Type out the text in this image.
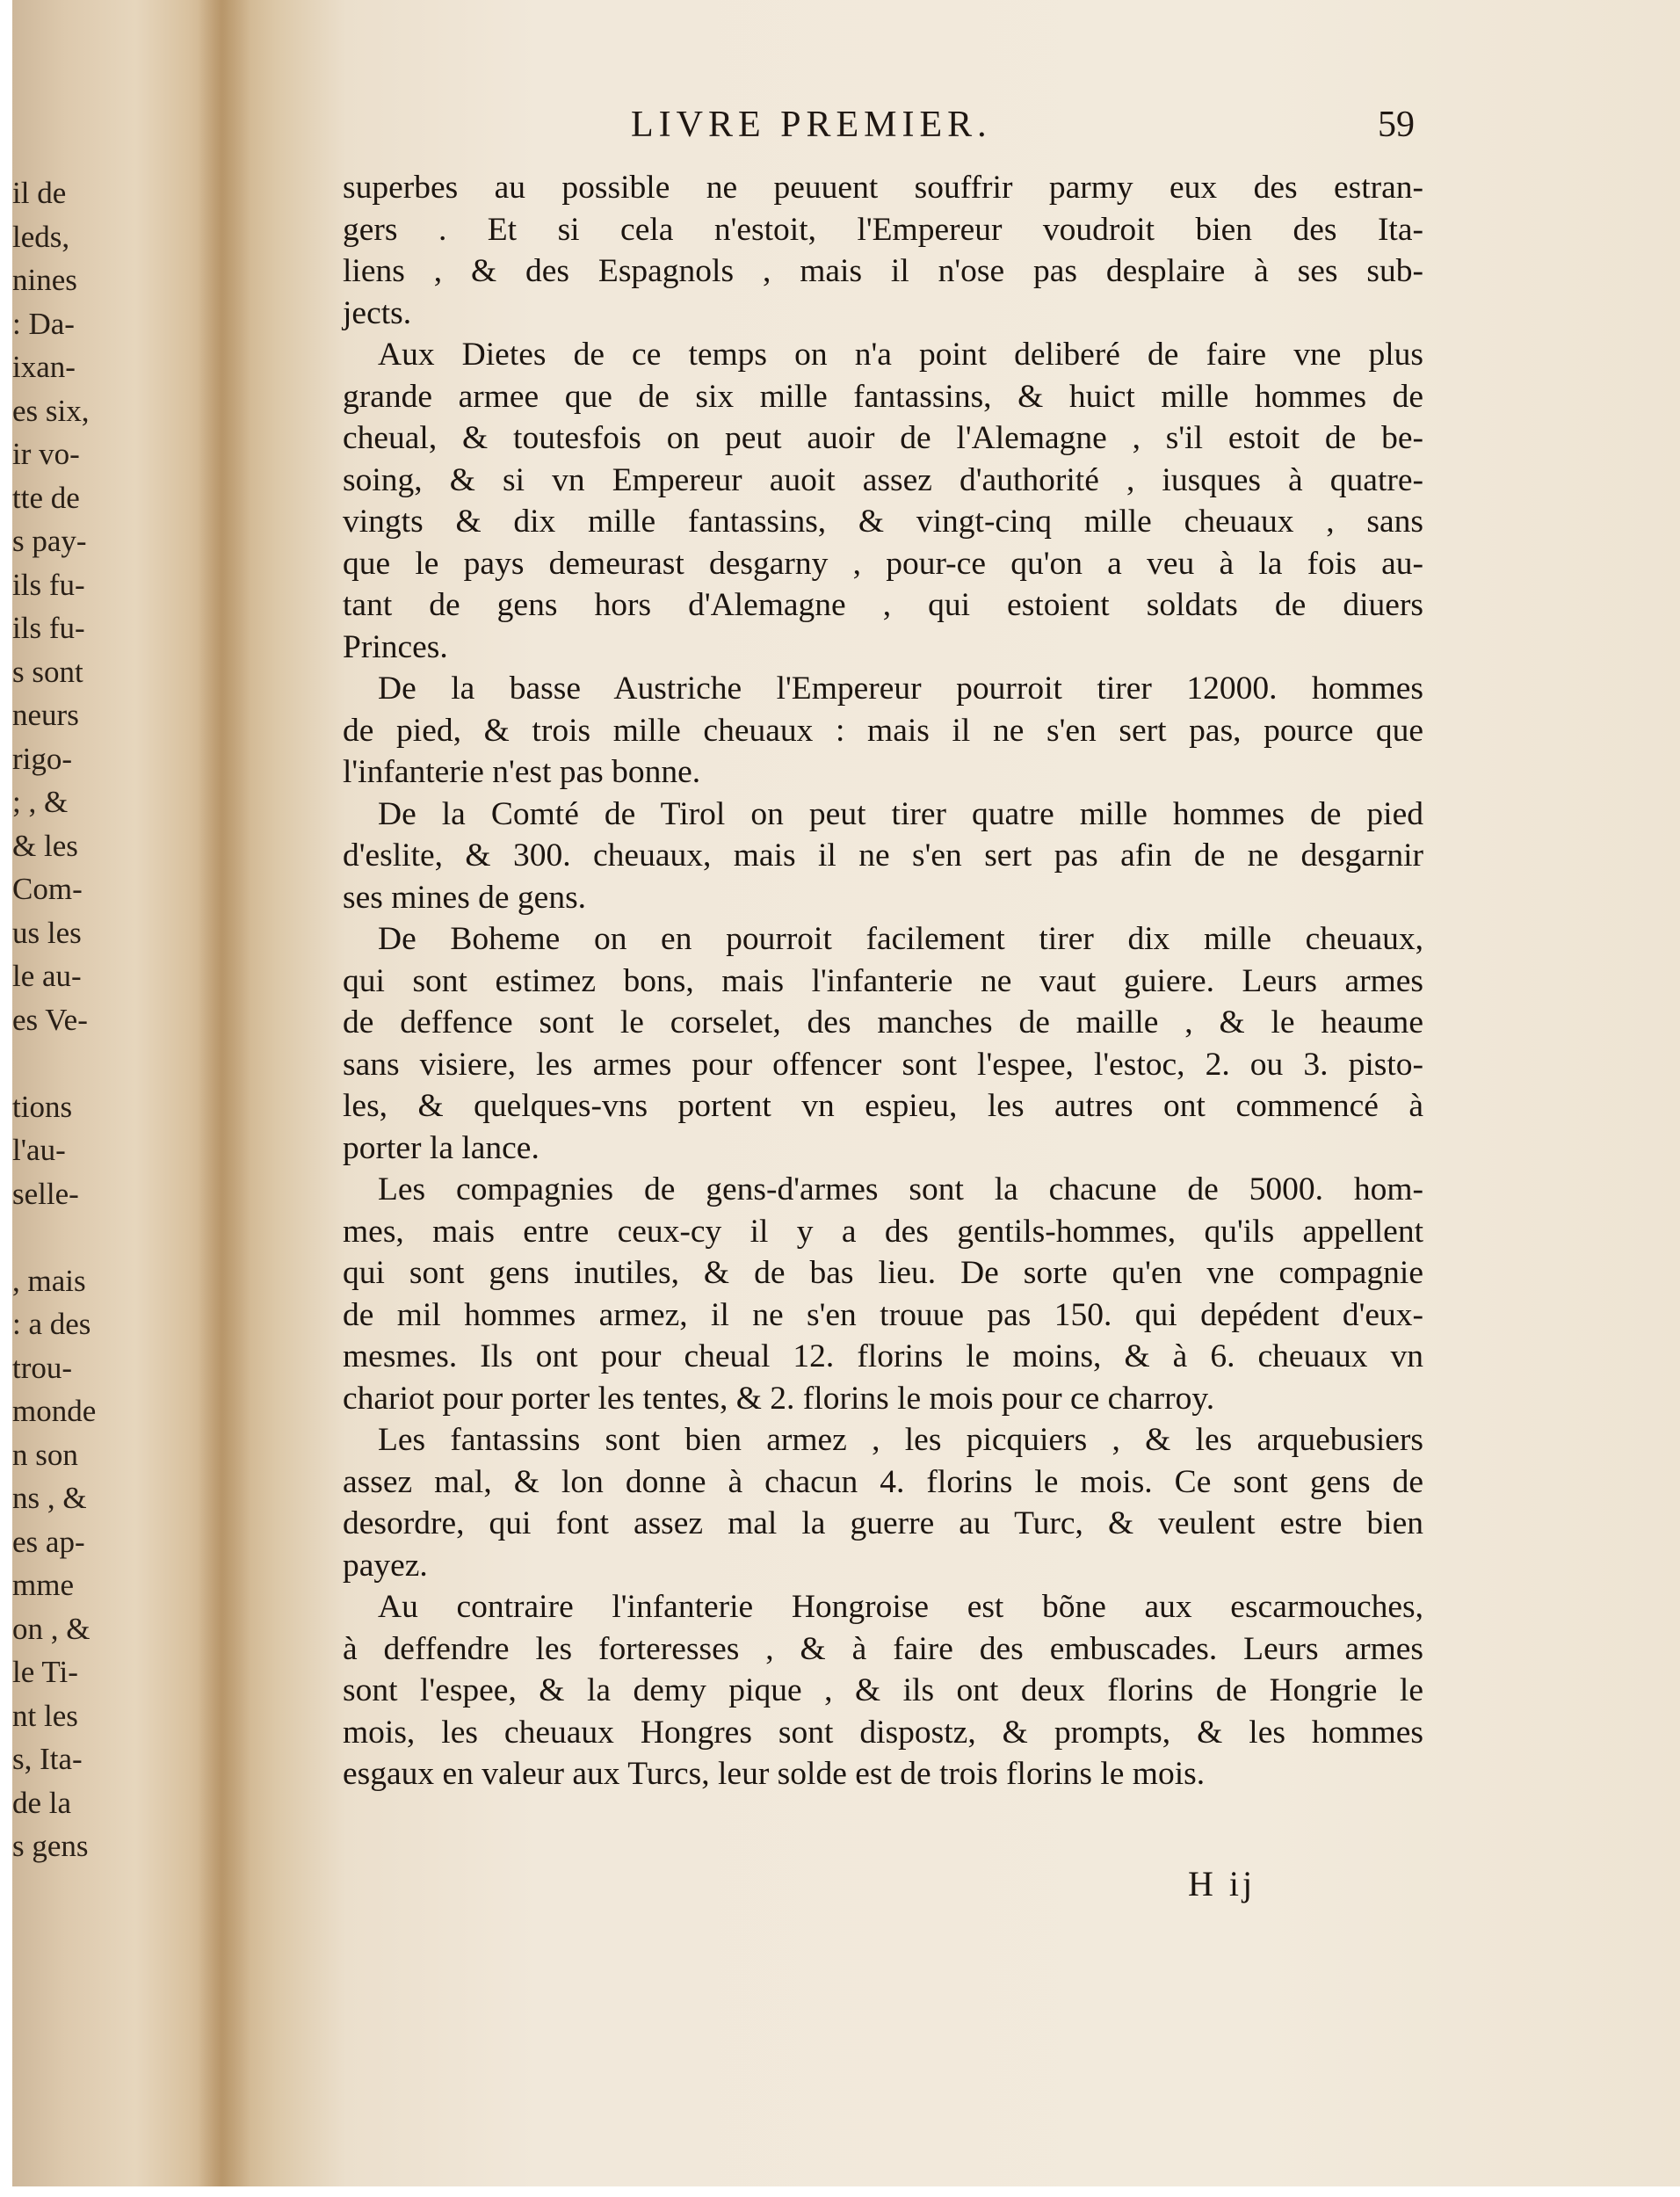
il de
leds,
nines
: Da-
ixan-
es six,
ir vo-
tte de
s pay-
ils fu-
ils fu-
s sont
neurs
rigo-
; , &
& les
Com-
us les
le au-
es Ve-
tions
l'au-
selle-
, mais
: a des
trou-
monde
n son
ns , &
es ap-
mme
on , &
le Ti-
nt les
s, Ita-
de la
s gens
LIVRE PREMIER.	59
superbes au possible ne peuuent souffrir parmy eux des estran-
gers . Et si cela n'estoit, l'Empereur voudroit bien des Ita-
liens , & des Espagnols , mais il n'ose pas desplaire à ses sub-
jects.
Aux Dietes de ce temps on n'a point deliberé de faire vne plus
grande armee que de six mille fantassins, & huict mille hommes de
cheual, & toutesfois on peut auoir de l'Alemagne , s'il estoit de be-
soing, & si vn Empereur auoit assez d'authorité , iusques à quatre-
vingts & dix mille fantassins, & vingt-cinq mille cheuaux , sans
que le pays demeurast desgarny , pour-ce qu'on a veu à la fois au-
tant de gens hors d'Alemagne , qui estoient soldats de diuers
Princes.
De la basse Austriche l'Empereur pourroit tirer 12000. hommes
de pied, & trois mille cheuaux : mais il ne s'en sert pas, pource que
l'infanterie n'est pas bonne.
De la Comté de Tirol on peut tirer quatre mille hommes de pied
d'eslite, & 300. cheuaux, mais il ne s'en sert pas afin de ne desgarnir
ses mines de gens.
De Boheme on en pourroit facilement tirer dix mille cheuaux,
qui sont estimez bons, mais l'infanterie ne vaut guiere. Leurs armes
de deffence sont le corselet, des manches de maille , & le heaume
sans visiere, les armes pour offencer sont l'espee, l'estoc, 2. ou 3. pisto-
les, & quelques-vns portent vn espieu, les autres ont commencé à
porter la lance.
Les compagnies de gens-d'armes sont la chacune de 5000. hom-
mes, mais entre ceux-cy il y a des gentils-hommes, qu'ils appellent
qui sont gens inutiles, & de bas lieu. De sorte qu'en vne compagnie
de mil hommes armez, il ne s'en trouue pas 150. qui depédent d'eux-
mesmes. Ils ont pour cheual 12. florins le moins, & à 6. cheuaux vn
chariot pour porter les tentes, & 2. florins le mois pour ce charroy.
Les fantassins sont bien armez , les picquiers , & les arquebusiers
assez mal, & lon donne à chacun 4. florins le mois. Ce sont gens de
desordre, qui font assez mal la guerre au Turc, & veulent estre bien
payez.
Au contraire l'infanterie Hongroise est bõne aux escarmouches,
à deffendre les forteresses , & à faire des embuscades. Leurs armes
sont l'espee, & la demy pique , & ils ont deux florins de Hongrie le
mois, les cheuaux Hongres sont dispostz, & prompts, & les hommes
esgaux en valeur aux Turcs, leur solde est de trois florins le mois.
H ij
